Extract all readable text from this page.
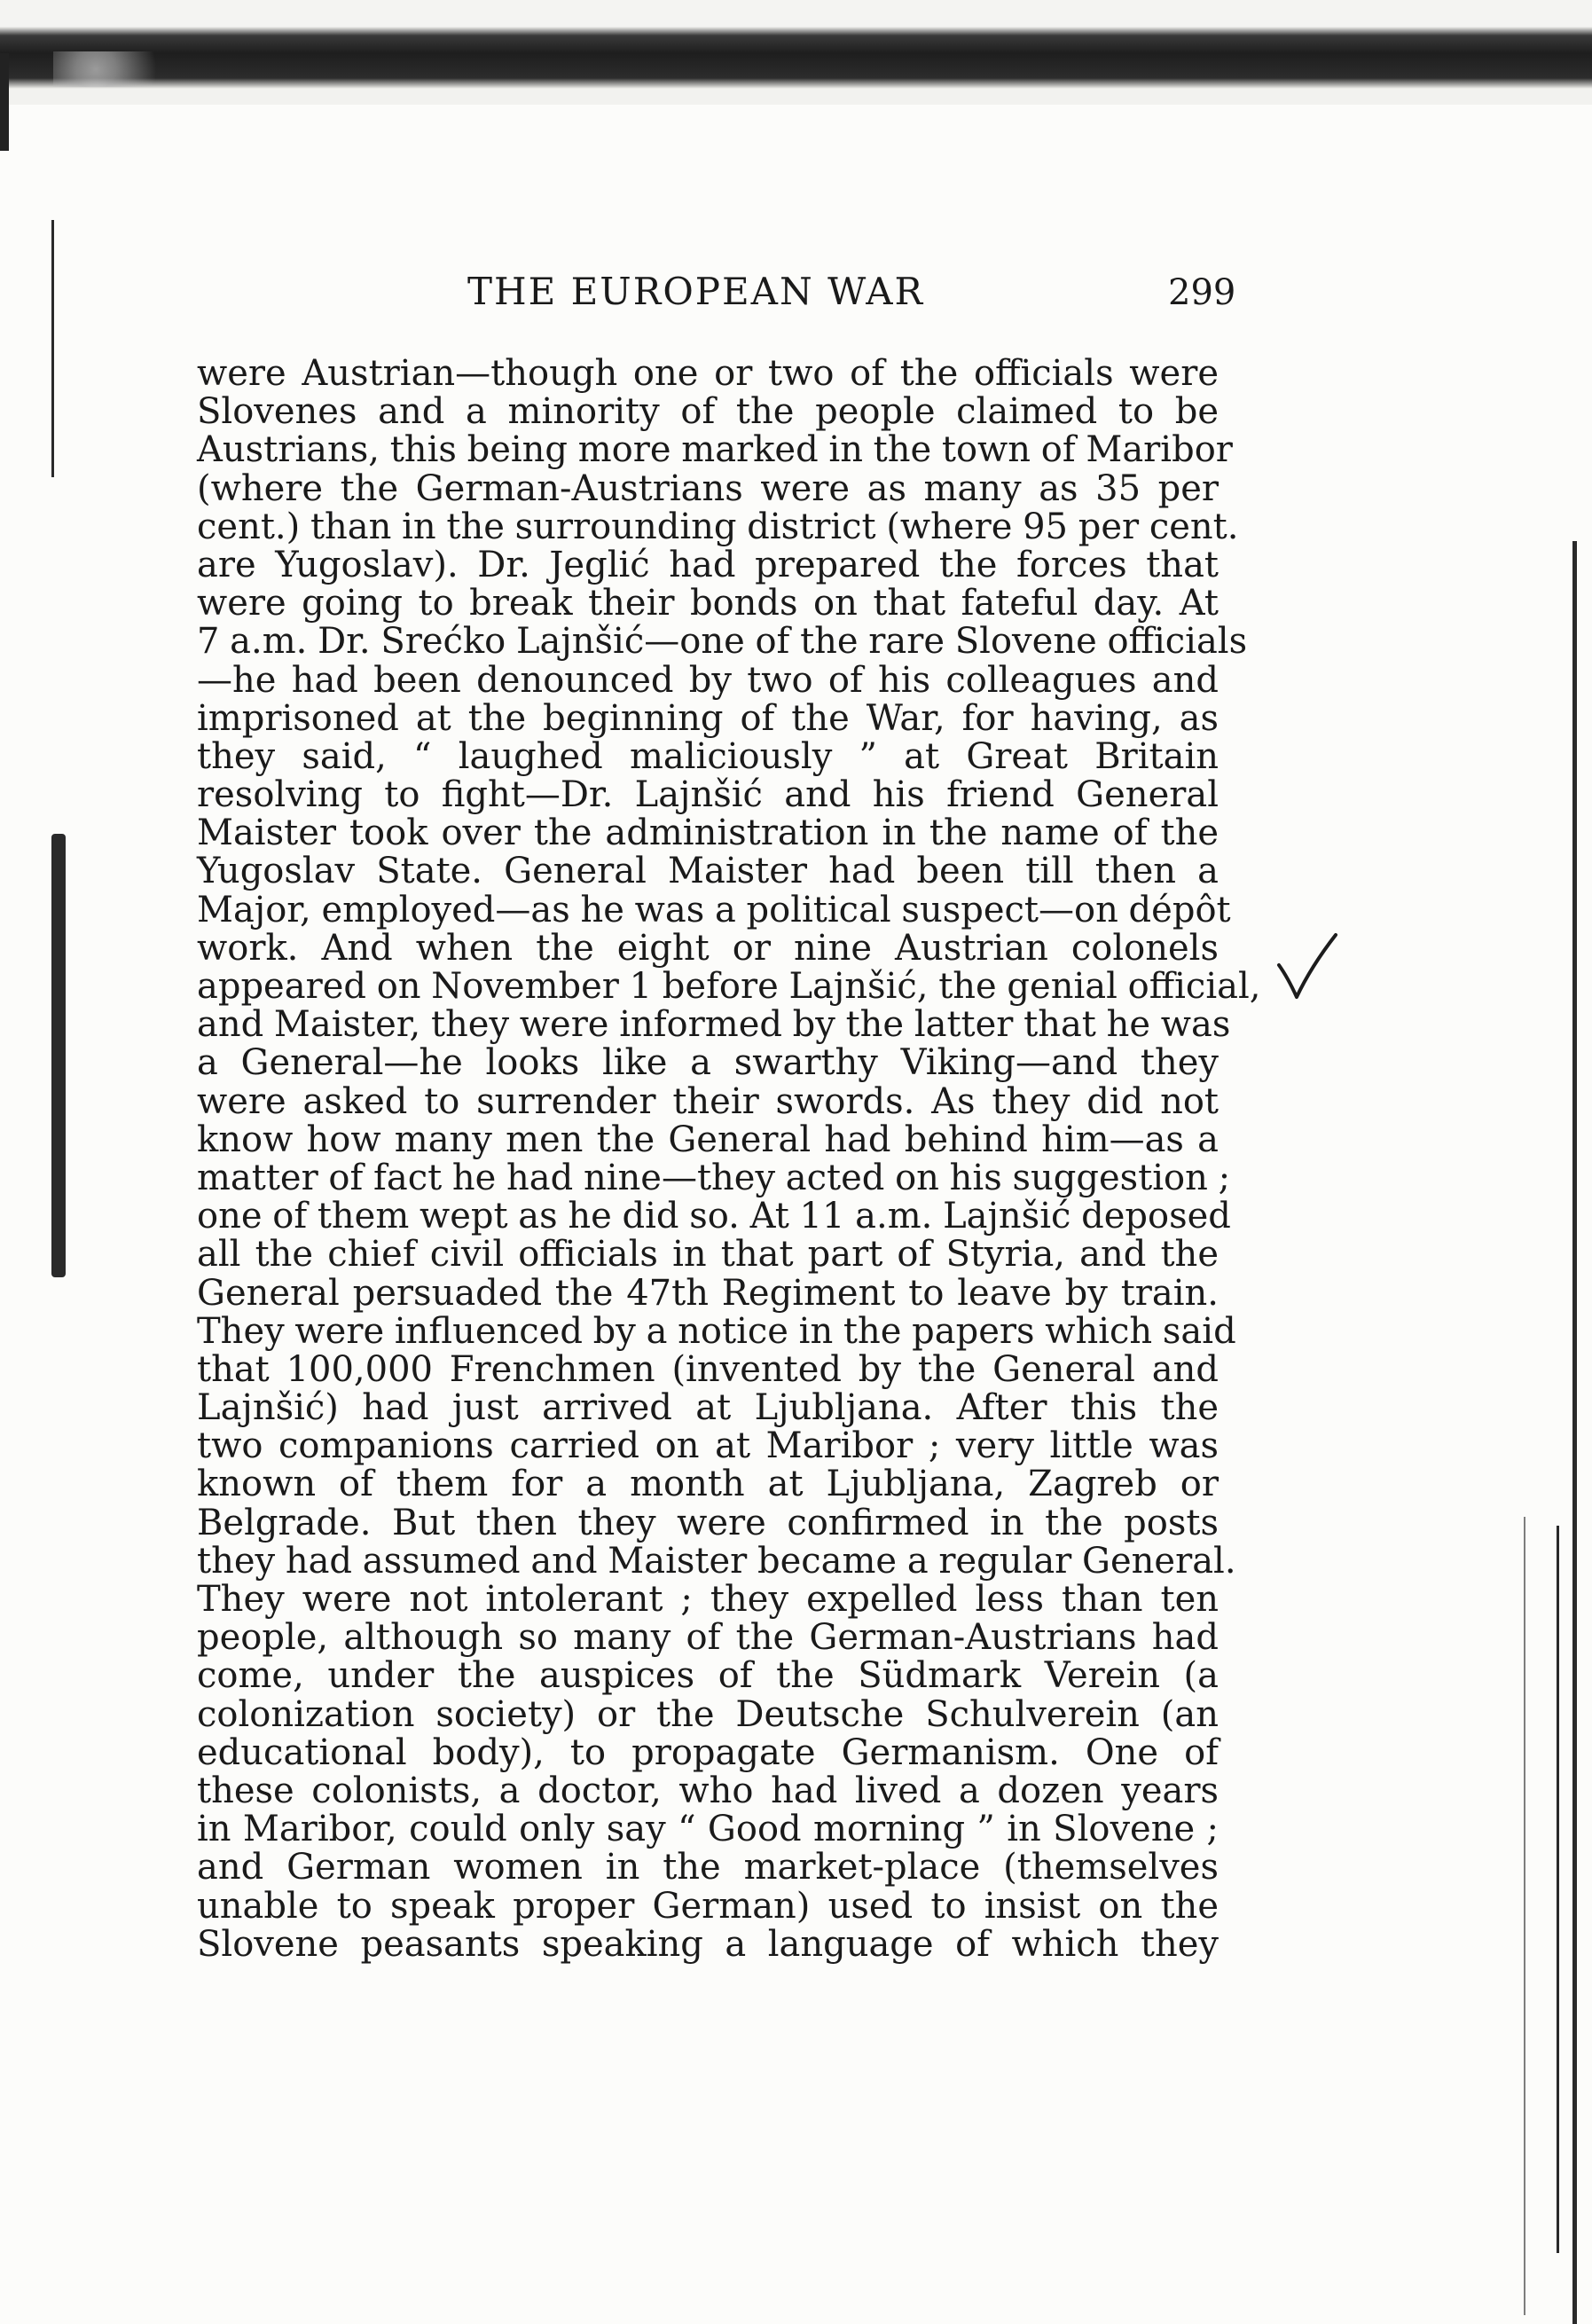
THE EUROPEAN WAR	299
were Austrian—though one or two of the officials were
Slovenes and a minority of the people claimed to be
Austrians, this being more marked in the town of Maribor
(where the German-Austrians were as many as 35 per
cent.) than in the surrounding district (where 95 per cent.
are Yugoslav). Dr. Jeglić had prepared the forces that
were going to break their bonds on that fateful day. At
7 a.m. Dr. Srećko Lajnšić—one of the rare Slovene officials
—he had been denounced by two of his colleagues and
imprisoned at the beginning of the War, for having, as
they said, “ laughed maliciously ” at Great Britain
resolving to fight—Dr. Lajnšić and his friend General
Maister took over the administration in the name of the
Yugoslav State. General Maister had been till then a
Major, employed—as he was a political suspect—on dépôt
work. And when the eight or nine Austrian colonels
appeared on November 1 before Lajnšić, the genial official,
and Maister, they were informed by the latter that he was
a General—he looks like a swarthy Viking—and they
were asked to surrender their swords. As they did not
know how many men the General had behind him—as a
matter of fact he had nine—they acted on his suggestion ;
one of them wept as he did so. At 11 a.m. Lajnšić deposed
all the chief civil officials in that part of Styria, and the
General persuaded the 47th Regiment to leave by train.
They were influenced by a notice in the papers which said
that 100,000 Frenchmen (invented by the General and
Lajnšić) had just arrived at Ljubljana. After this the
two companions carried on at Maribor ; very little was
known of them for a month at Ljubljana, Zagreb or
Belgrade. But then they were confirmed in the posts
they had assumed and Maister became a regular General.
They were not intolerant ; they expelled less than ten
people, although so many of the German-Austrians had
come, under the auspices of the Südmark Verein (a
colonization society) or the Deutsche Schulverein (an
educational body), to propagate Germanism. One of
these colonists, a doctor, who had lived a dozen years
in Maribor, could only say “ Good morning ” in Slovene ;
and German women in the market-place (themselves
unable to speak proper German) used to insist on the
Slovene peasants speaking a language of which they
